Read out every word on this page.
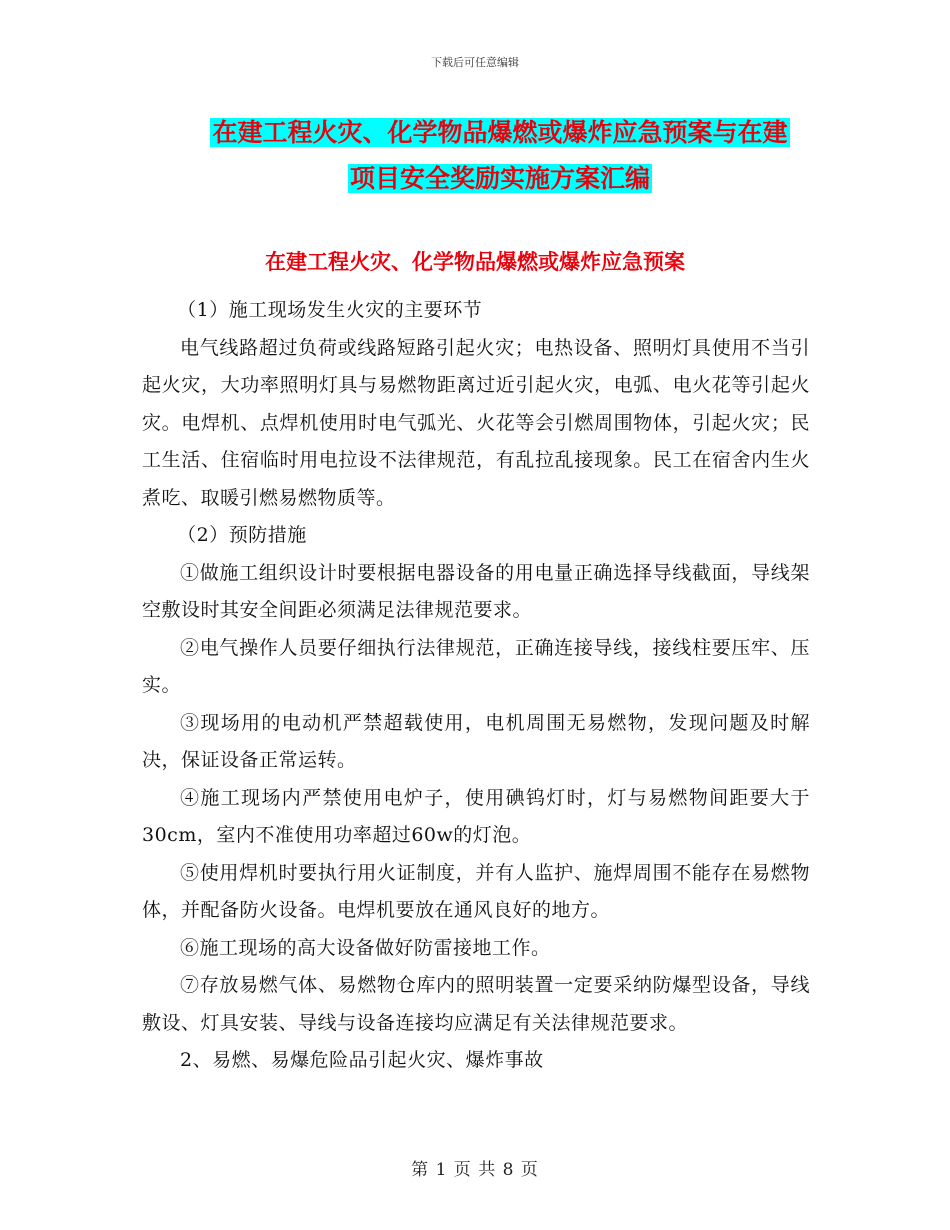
下载后可任意编辑
在建工程火灾、化学物品爆燃或爆炸应急预案与在建
项目安全奖励实施方案汇编
在建工程火灾、化学物品爆燃或爆炸应急预案

（1）施工现场发生火灾的主要环节

电气线路超过负荷或线路短路引起火灾；电热设备、照明灯具使用不当引起火灾，大功率照明灯具与易燃物距离过近引起火灾，电弧、电火花等引起火灾。电焊机、点焊机使用时电气弧光、火花等会引燃周围物体，引起火灾；民工生活、住宿临时用电拉设不法律规范，有乱拉乱接现象。民工在宿舍内生火煮吃、取暖引燃易燃物质等。

（2）预防措施

①做施工组织设计时要根据电器设备的用电量正确选择导线截面，导线架空敷设时其安全间距必须满足法律规范要求。

②电气操作人员要仔细执行法律规范，正确连接导线，接线柱要压牢、压实。

③现场用的电动机严禁超载使用，电机周围无易燃物，发现问题及时解决，保证设备正常运转。

④施工现场内严禁使用电炉子，使用碘钨灯时，灯与易燃物间距要大于30cm，室内不准使用功率超过60w的灯泡。

⑤使用焊机时要执行用火证制度，并有人监护、施焊周围不能存在易燃物体，并配备防火设备。电焊机要放在通风良好的地方。

⑥施工现场的高大设备做好防雷接地工作。

⑦存放易燃气体、易燃物仓库内的照明装置一定要采纳防爆型设备，导线敷设、灯具安装、导线与设备连接均应满足有关法律规范要求。

2、易燃、易爆危险品引起火灾、爆炸事故

第 1 页 共 8 页
